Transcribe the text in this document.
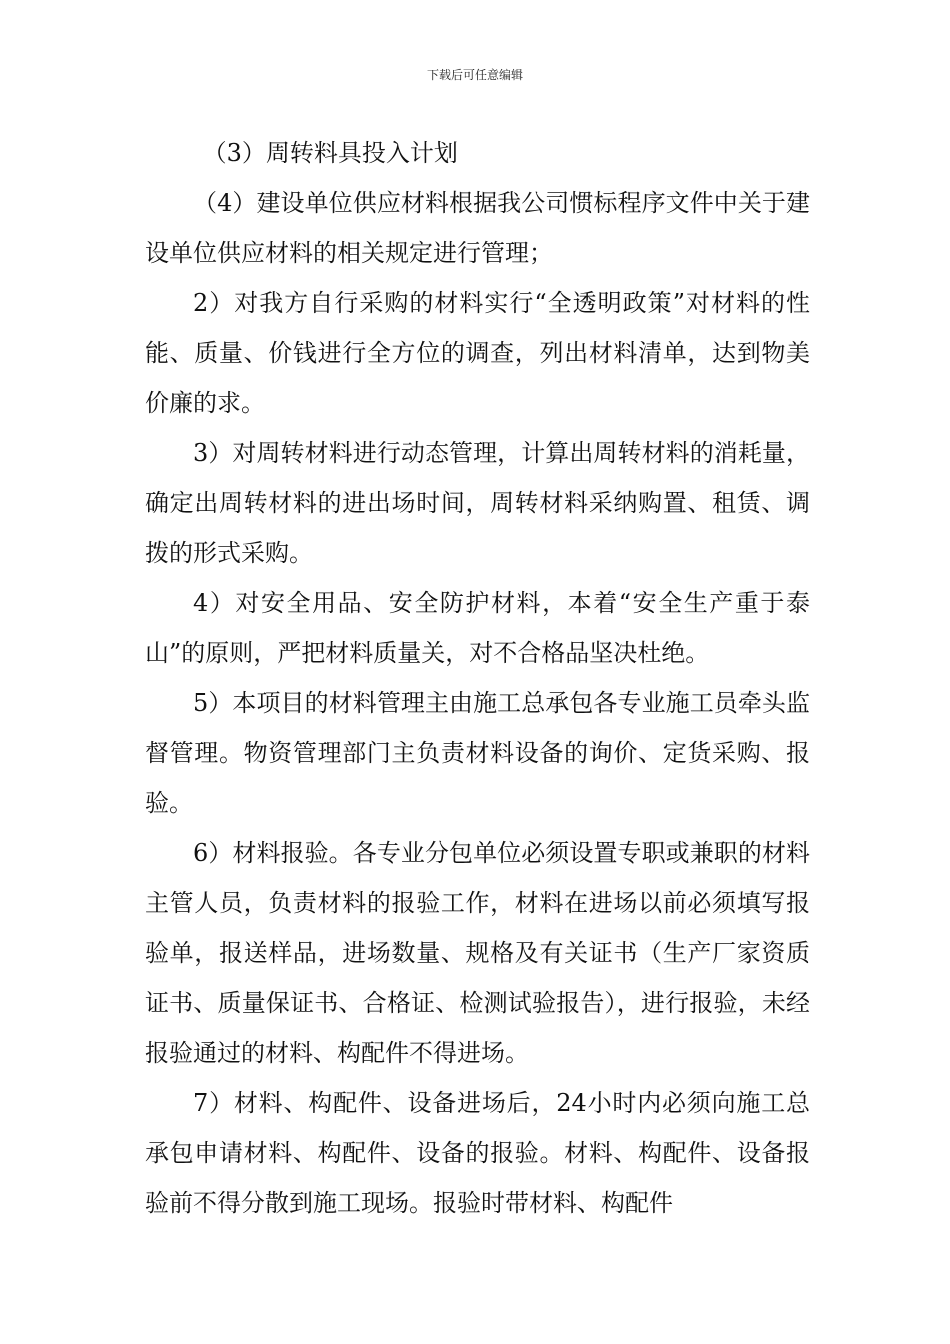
下载后可任意编辑

（3）周转料具投入计划

（4）建设单位供应材料根据我公司惯标程序文件中关于建设单位供应材料的相关规定进行管理；

2）对我方自行采购的材料实行“全透明政策”对材料的性能、质量、价钱进行全方位的调查，列出材料清单，达到物美价廉的求。

3）对周转材料进行动态管理，计算出周转材料的消耗量，确定出周转材料的进出场时间，周转材料采纳购置、租赁、调拨的形式采购。

4）对安全用品、安全防护材料，本着“安全生产重于泰山”的原则，严把材料质量关，对不合格品坚决杜绝。

5）本项目的材料管理主由施工总承包各专业施工员牵头监督管理。物资管理部门主负责材料设备的询价、定货采购、报验。

6）材料报验。各专业分包单位必须设置专职或兼职的材料主管人员，负责材料的报验工作，材料在进场以前必须填写报验单，报送样品，进场数量、规格及有关证书（生产厂家资质证书、质量保证书、合格证、检测试验报告），进行报验，未经报验通过的材料、构配件不得进场。

7）材料、构配件、设备进场后，24小时内必须向施工总承包申请材料、构配件、设备的报验。材料、构配件、设备报验前不得分散到施工现场。报验时带材料、构配件
